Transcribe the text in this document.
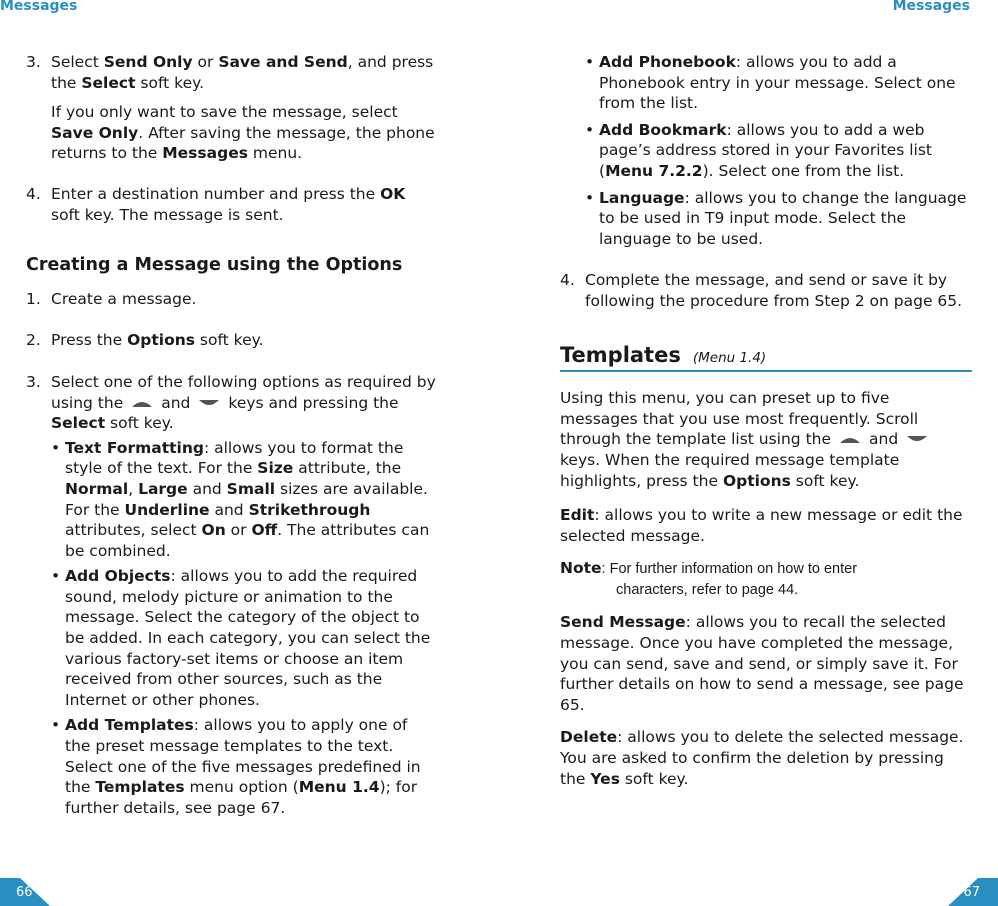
Messages	Messages
3. Select Send Only or Save and Send, and press the Select soft key.
If you only want to save the message, select Save Only. After saving the message, the phone returns to the Messages menu.
4. Enter a destination number and press the OK soft key. The message is sent.
Creating a Message using the Options
1. Create a message.
2. Press the Options soft key.
3. Select one of the following options as required by using the and keys and pressing the Select soft key.
• Text Formatting: allows you to format the style of the text. For the Size attribute, the Normal, Large and Small sizes are available. For the Underline and Strikethrough attributes, select On or Off. The attributes can be combined.
• Add Objects: allows you to add the required sound, melody picture or animation to the message. Select the category of the object to be added. In each category, you can select the various factory-set items or choose an item received from other sources, such as the Internet or other phones.
• Add Templates: allows you to apply one of the preset message templates to the text. Select one of the five messages predefined in the Templates menu option (Menu 1.4); for further details, see page 67.
• Add Phonebook: allows you to add a Phonebook entry in your message. Select one from the list.
• Add Bookmark: allows you to add a web page’s address stored in your Favorites list (Menu 7.2.2). Select one from the list.
• Language: allows you to change the language to be used in T9 input mode. Select the language to be used.
4. Complete the message, and send or save it by following the procedure from Step 2 on page 65.
Templates (Menu 1.4)
Using this menu, you can preset up to five messages that you use most frequently. Scroll through the template list using the and
keys. When the required message template highlights, press the Options soft key.
Edit: allows you to write a new message or edit the selected message.
Note: For further information on how to enter
characters, refer to page 44.
Send Message: allows you to recall the selected message. Once you have completed the message, you can send, save and send, or simply save it. For further details on how to send a message, see page 65.
Delete: allows you to delete the selected message. You are asked to confirm the deletion by pressing the Yes soft key.
66	67
